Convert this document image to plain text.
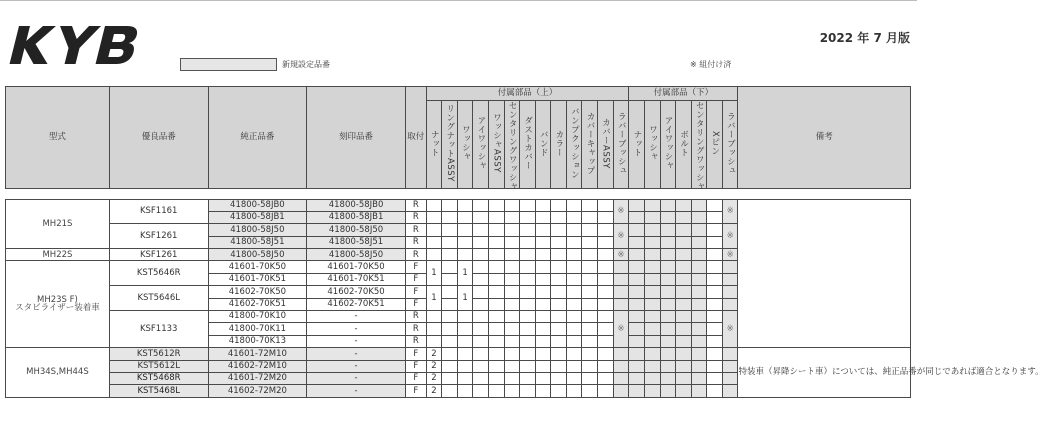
新規設定品番
2022 年 7 月版
※ 組付け済
型式	優良品番	純正品番	刻印品番	取付	付属部品（上）													付属部品（下）							備考
					ナット	リングナットASSY	ワッシャ	アイワッシャ	ワッシャASSY	センタリングワッシャ	ダストカバー	バンド	カラー	バンプクッション	カバーキャップ	カバーASSY	ラバーブッシュ	ナット	ワッシャ	アイワッシャ	ボルト	センタリングワッシャ	Xピン	ラバーブッシュ	

MH21S	KSF1161	41800-58JB0	41800-58JB0	R													※							※	
		41800-58JB1	41800-58JB1	R																					
	KSF1261	41800-58J50	41800-58J50	R													※							※	
		41800-58J51	41800-58J51	R																					
MH22S	KSF1261	41800-58J50	41800-58J50	R													※							※	
MH23S F)
スタビライザー装着車	KST5646R	41601-70K50	41601-70K50	F	1		1																		
		41601-70K51	41601-70K51	F																					
	KST5646L	41602-70K50	41602-70K50	F	1		1																		
		41602-70K51	41602-70K51	F																					
	KSF1133	41800-70K10	-	R													※							※	
		41800-70K11	-	R																					
		41800-70K13	-	R																					
MH34S,MH44S	KST5612R	41601-72M10	-	F	2																				特装車（昇降シート車）については、純正品番が同じであれば適合となります。
	KST5612L	41602-72M10	-	F	2																				
	KST5468R	41601-72M20	-	F	2																				
	KST5468L	41602-72M20	-	F	2																				
